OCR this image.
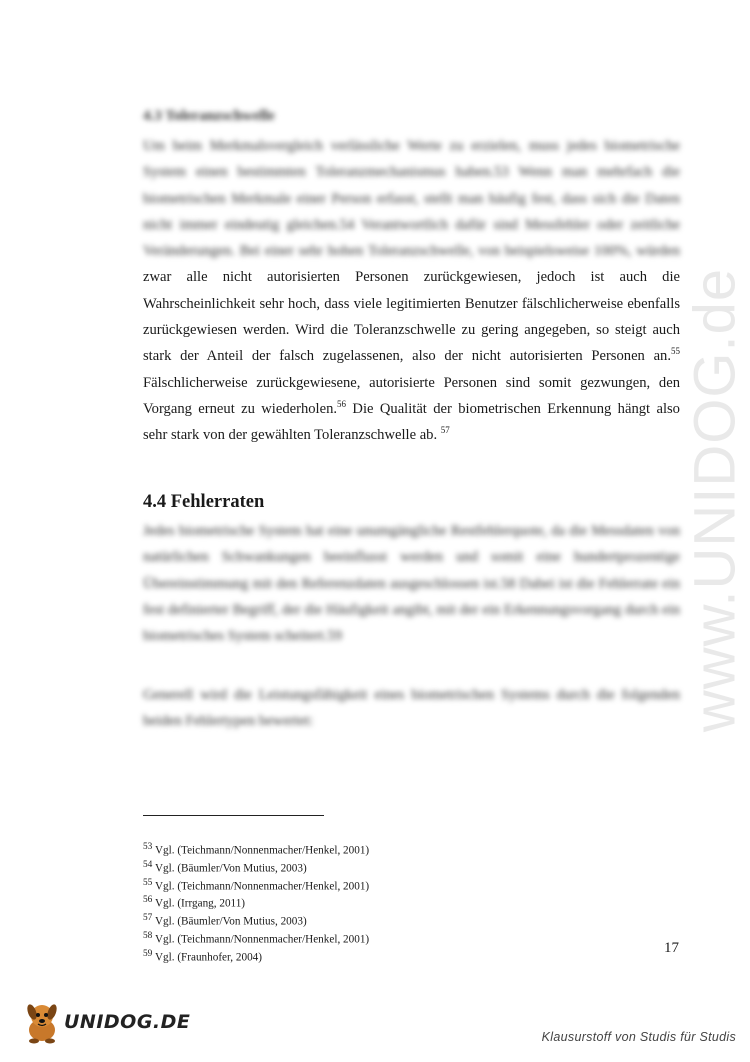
www.UNIDOG.de
4.3 Toleranzschwelle

Um beim Merkmalsvergleich verlässliche Werte zu erzielen, muss jedes biometrische System einen bestimmten Toleranzmechanismus haben.53 Wenn man mehrfach die biometrischen Merkmale einer Person erfasst, stellt man häufig fest, dass sich die Daten nicht immer eindeutig gleichen.54 Verantwortlich dafür sind Messfehler oder zeitliche Veränderungen. Bei einer sehr hohen Toleranzschwelle, von beispielsweise 100%, würden zwar alle nicht autorisierten Personen zurückgewiesen, jedoch ist auch die Wahrscheinlichkeit sehr hoch, dass viele legitimierten Benutzer fälschlicherweise ebenfalls zurückgewiesen werden. Wird die Toleranzschwelle zu gering angegeben, so steigt auch stark der Anteil der falsch zugelassenen, also der nicht autorisierten Personen an.$^{55}$ Fälschlicherweise zurückgewiesene, autorisierte Personen sind somit gezwungen, den Vorgang erneut zu wiederholen.$^{56}$ Die Qualität der biometrischen Erkennung hängt also sehr stark von der gewählten Toleranzschwelle ab. $^{57}$

4.4 Fehlerraten

Jedes biometrische System hat eine unumgängliche Restfehlerquote, da die Messdaten von natürlichen Schwankungen beeinflusst werden und somit eine hundertprozentige Übereinstimmung mit den Referenzdaten ausgeschlossen ist.58 Dabei ist die Fehlerrate ein fest definierter Begriff, der die Häufigkeit angibt, mit der ein Erkennungsvorgang durch ein biometrisches System scheitert.59

Generell wird die Leistungsfähigkeit eines biometrischen Systems durch die folgenden beiden Fehlertypen bewertet:

$^{53}$ Vgl. (Teichmann/Nonnenmacher/Henkel, 2001)
$^{54}$ Vgl. (Bäumler/Von Mutius, 2003)
$^{55}$ Vgl. (Teichmann/Nonnenmacher/Henkel, 2001)
$^{56}$ Vgl. (Irrgang, 2011)
$^{57}$ Vgl. (Bäumler/Von Mutius, 2003)
$^{58}$ Vgl. (Teichmann/Nonnenmacher/Henkel, 2001)
$^{59}$ Vgl. (Fraunhofer, 2004)
17
UNIDOG.DE
Klausurstoff von Studis für Studis
